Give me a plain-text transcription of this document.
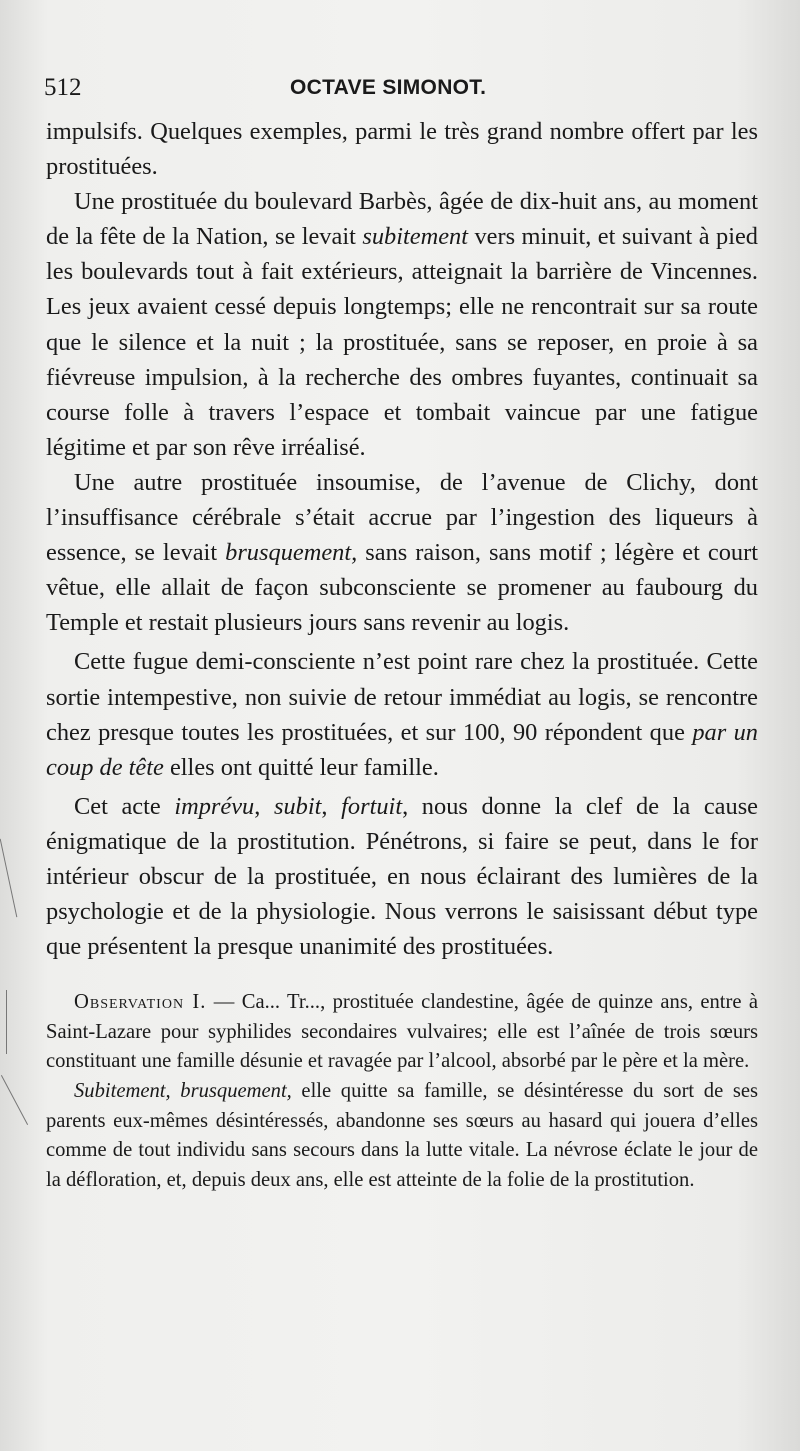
512	OCTAVE SIMONOT.

impulsifs. Quelques exemples, parmi le très grand nombre offert par les prostituées.

Une prostituée du boulevard Barbès, âgée de dix-huit ans, au moment de la fête de la Nation, se levait subitement vers minuit, et suivant à pied les boulevards tout à fait extérieurs, atteignait la barrière de Vincennes. Les jeux avaient cessé depuis longtemps; elle ne rencontrait sur sa route que le silence et la nuit ; la prostituée, sans se reposer, en proie à sa fiévreuse impulsion, à la recherche des ombres fuyantes, continuait sa course folle à travers l’espace et tombait vaincue par une fatigue légitime et par son rêve irréalisé.

Une autre prostituée insoumise, de l’avenue de Clichy, dont l’insuffisance cérébrale s’était accrue par l’ingestion des liqueurs à essence, se levait brusquement, sans raison, sans motif ; légère et court vêtue, elle allait de façon subconsciente se promener au faubourg du Temple et restait plusieurs jours sans revenir au logis.

Cette fugue demi-consciente n’est point rare chez la prostituée. Cette sortie intempestive, non suivie de retour immédiat au logis, se rencontre chez presque toutes les prostituées, et sur 100, 90 répondent que par un coup de tête elles ont quitté leur famille.

Cet acte imprévu, subit, fortuit, nous donne la clef de la cause énigmatique de la prostitution. Pénétrons, si faire se peut, dans le for intérieur obscur de la prostituée, en nous éclairant des lumières de la psychologie et de la physiologie. Nous verrons le saisissant début type que présentent la presque unanimité des prostituées.

Observation I. — Ca... Tr..., prostituée clandestine, âgée de quinze ans, entre à Saint-Lazare pour syphilides secondaires vulvaires; elle est l’aînée de trois sœurs constituant une famille désunie et ravagée par l’alcool, absorbé par le père et la mère.

Subitement, brusquement, elle quitte sa famille, se désintéresse du sort de ses parents eux-mêmes désintéressés, abandonne ses sœurs au hasard qui jouera d’elles comme de tout individu sans secours dans la lutte vitale. La névrose éclate le jour de la défloration, et, depuis deux ans, elle est atteinte de la folie de la prostitution.
